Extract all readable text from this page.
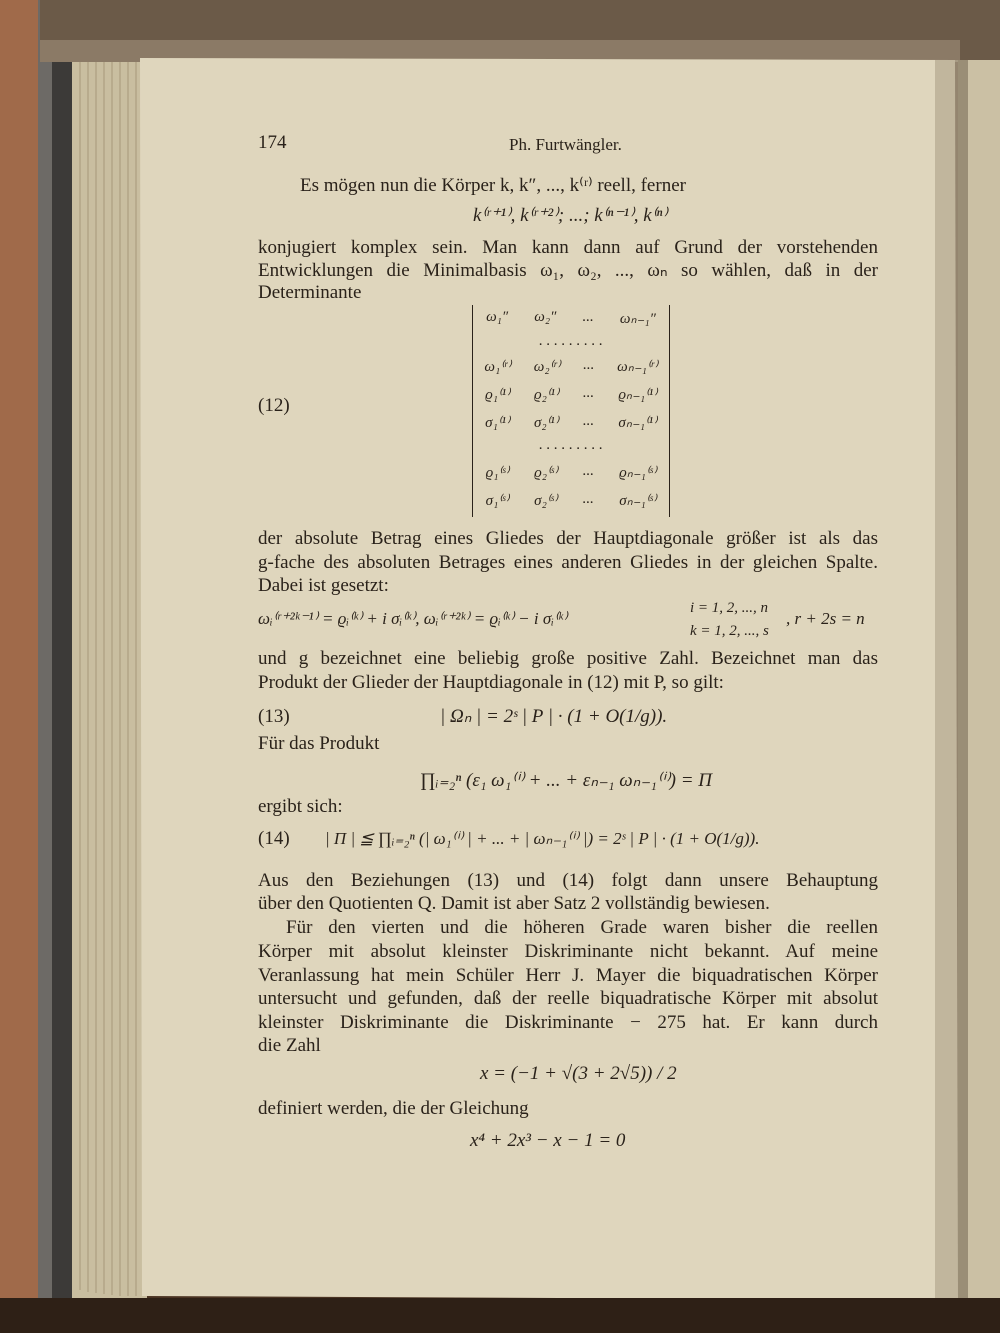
174	Ph. Furtwängler.
Es mögen nun die Körper k, k″, ..., k⁽ʳ⁾ reell, ferner
k⁽ʳ⁺¹⁾, k⁽ʳ⁺²⁾; ...; k⁽ⁿ⁻¹⁾, k⁽ⁿ⁾
konjugiert komplex sein. Man kann dann auf Grund der vorstehenden
Entwicklungen die Minimalbasis ω₁, ω₂, ..., ωₙ so wählen, daß in der
Determinante
(12)
ω₁″ ω₂″ ... ωₙ₋₁″
. . . . . . . . .
ω₁⁽ʳ⁾ ω₂⁽ʳ⁾ ... ωₙ₋₁⁽ʳ⁾
ϱ₁⁽¹⁾ ϱ₂⁽¹⁾ ... ϱₙ₋₁⁽¹⁾
σ₁⁽¹⁾ σ₂⁽¹⁾ ... σₙ₋₁⁽¹⁾
. . . . . . . . .
ϱ₁⁽ˢ⁾ ϱ₂⁽ˢ⁾ ... ϱₙ₋₁⁽ˢ⁾
σ₁⁽ˢ⁾ σ₂⁽ˢ⁾ ... σₙ₋₁⁽ˢ⁾
der absolute Betrag eines Gliedes der Hauptdiagonale größer ist als das
g-fache des absoluten Betrages eines anderen Gliedes in der gleichen Spalte.
Dabei ist gesetzt:
ωᵢ⁽ʳ⁺²ᵏ⁻¹⁾ = ϱᵢ⁽ᵏ⁾ + i σᵢ⁽ᵏ⁾, ωᵢ⁽ʳ⁺²ᵏ⁾ = ϱᵢ⁽ᵏ⁾ − i σᵢ⁽ᵏ⁾
i = 1, 2, ..., n
k = 1, 2, ..., s
, r + 2s = n
und g bezeichnet eine beliebig große positive Zahl. Bezeichnet man das
Produkt der Glieder der Hauptdiagonale in (12) mit P, so gilt:
(13)	| Ωₙ | = 2ˢ | P | · (1 + O(1/g)).
Für das Produkt
∏ᵢ₌₂ⁿ (ε₁ ω₁⁽ⁱ⁾ + ... + εₙ₋₁ ωₙ₋₁⁽ⁱ⁾) = Π
ergibt sich:
(14) | Π | ≦ ∏ᵢ₌₂ⁿ (| ω₁⁽ⁱ⁾ | + ... + | ωₙ₋₁⁽ⁱ⁾ |) = 2ˢ | P | · (1 + O(1/g)).
Aus den Beziehungen (13) und (14) folgt dann unsere Behauptung
über den Quotienten Q. Damit ist aber Satz 2 vollständig bewiesen.
Für den vierten und die höheren Grade waren bisher die reellen
Körper mit absolut kleinster Diskriminante nicht bekannt. Auf meine
Veranlassung hat mein Schüler Herr J. Mayer die biquadratischen Körper
untersucht und gefunden, daß der reelle biquadratische Körper mit absolut
kleinster Diskriminante die Diskriminante − 275 hat. Er kann durch
die Zahl
x = (−1 + √(3 + 2√5)) / 2
definiert werden, die der Gleichung
x⁴ + 2x³ − x − 1 = 0
